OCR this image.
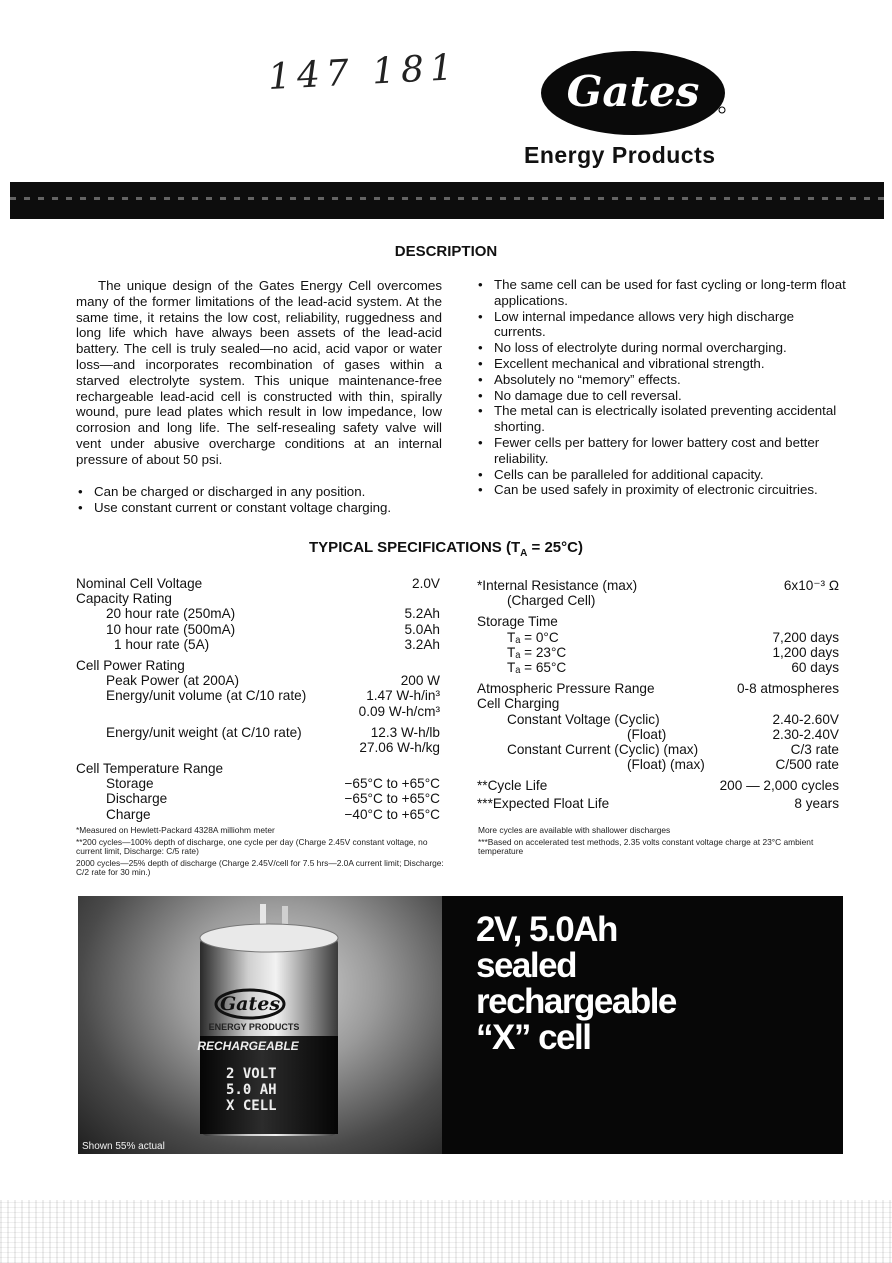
147 181	Gates
Energy Products
DESCRIPTION
The unique design of the Gates Energy Cell overcomes many of the former limitations of the lead-acid system. At the same time, it retains the low cost, reliability, ruggedness and long life which have always been assets of the lead-acid battery. The cell is truly sealed—no acid, acid vapor or water loss—and incorporates recombination of gases within a starved electrolyte system. This unique maintenance-free rechargeable lead-acid cell is constructed with thin, spirally wound, pure lead plates which result in low impedance, low corrosion and long life. The self-resealing safety valve will vent under abusive overcharge conditions at an internal pressure of about 50 psi.
• Can be charged or discharged in any position.
• Use constant current or constant voltage charging.
• The same cell can be used for fast cycling or long-term float applications.
• Low internal impedance allows very high discharge currents.
• No loss of electrolyte during normal overcharging.
• Excellent mechanical and vibrational strength.
• Absolutely no “memory” effects.
• No damage due to cell reversal.
• The metal can is electrically isolated preventing accidental shorting.
• Fewer cells per battery for lower battery cost and better reliability.
• Cells can be paralleled for additional capacity.
• Can be used safely in proximity of electronic circuitries.
TYPICAL SPECIFICATIONS $(T_A = 25^\circ C)$
Nominal Cell Voltage	2.0V
Capacity Rating
20 hour rate (250mA)	5.2Ah
10 hour rate (500mA)	5.0Ah
1 hour rate (5A)	3.2Ah
Cell Power Rating
Peak Power (at 200A)	200 W
Energy/unit volume (at C/10 rate)	1.47 W-h/in³
0.09 W-h/cm³
Energy/unit weight (at C/10 rate)	12.3 W-h/lb
27.06 W-h/kg
Cell Temperature Range
Storage	−65°C to +65°C
Discharge	−65°C to +65°C
Charge	−40°C to +65°C
*Internal Resistance (max)	6x10⁻³ Ω
(Charged Cell)
Storage Time
Tₐ = 0°C	7,200 days
Tₐ = 23°C	1,200 days
Tₐ = 65°C	60 days
Atmospheric Pressure Range	0-8 atmospheres
Cell Charging
Constant Voltage (Cyclic)	2.40-2.60V
(Float)	2.30-2.40V
Constant Current (Cyclic) (max)	C/3 rate
(Float) (max)	C/500 rate
**Cycle Life	200 — 2,000 cycles
***Expected Float Life	8 years

*Measured on Hewlett-Packard 4328A milliohm meter

**200 cycles—100% depth of discharge, one cycle per day (Charge 2.45V constant voltage, no current limit, Discharge: C/5 rate)

2000 cycles—25% depth of discharge (Charge 2.45V/cell for 7.5 hrs—2.0A current limit; Discharge: C/2 rate for 30 min.)

More cycles are available with shallower discharges

***Based on accelerated test methods, 2.35 volts constant voltage charge at 23°C ambient temperature

Gates
ENERGY PRODUCTS
RECHARGEABLE
2 VOLT
5.0 AH
X CELL
Shown 55% actual
2V, 5.0Ah
sealed
rechargeable
“X” cell
